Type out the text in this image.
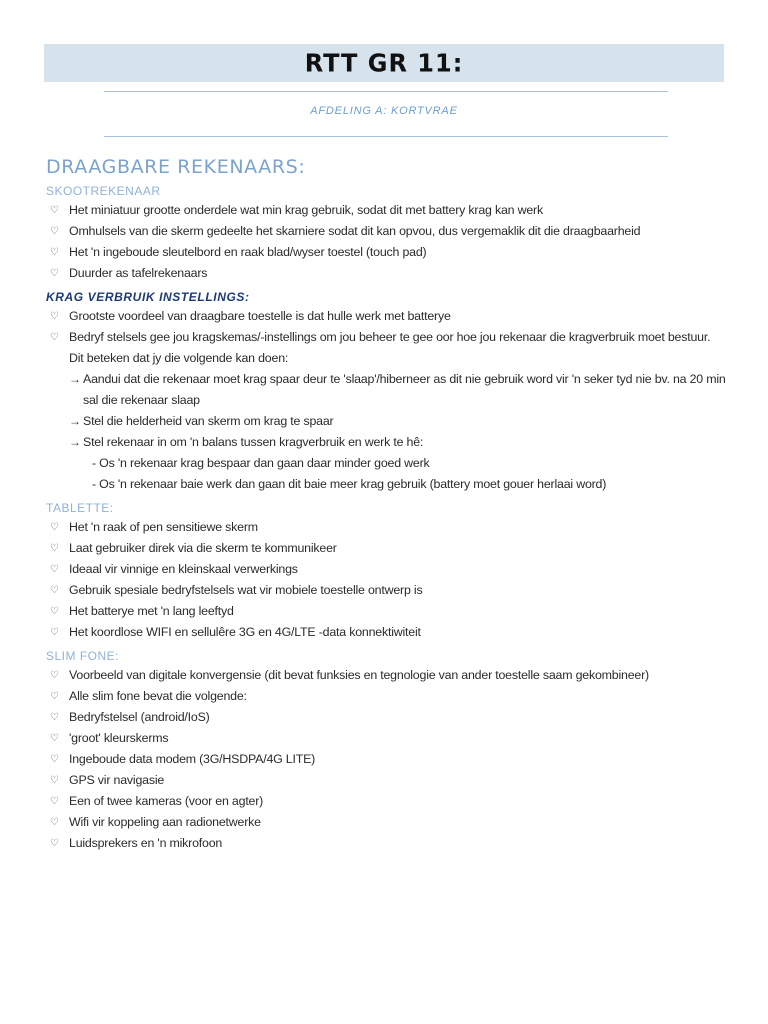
RTT GR 11:
AFDELING A: KORTVRAE
DRAAGBARE REKENAARS:
SKOOTREKENAAR
♡ Het miniatuur grootte onderdele wat min krag gebruik, sodat dit met battery krag kan werk
♡ Omhulsels van die skerm gedeelte het skarniere sodat dit kan opvou, dus vergemaklik dit die draagbaarheid
♡ Het 'n ingeboude sleutelbord en raak blad/wyser toestel (touch pad)
♡ Duurder as tafelrekenaars
KRAG VERBRUIK INSTELLINGS:
♡ Grootste voordeel van draagbare toestelle is dat hulle werk met batterye
♡ Bedryf stelsels gee jou kragskemas/-instellings om jou beheer te gee oor hoe jou rekenaar die kragverbruik moet bestuur. Dit beteken dat jy die volgende kan doen:
→ Aandui dat die rekenaar moet krag spaar deur te 'slaap'/hiberneer as dit nie gebruik word vir 'n seker tyd nie bv. na 20 min sal die rekenaar slaap
→ Stel die helderheid van skerm om krag te spaar
→ Stel rekenaar in om 'n balans tussen kragverbruik en werk te hê:
- Os 'n rekenaar krag bespaar dan gaan daar minder goed werk
- Os 'n rekenaar baie werk dan gaan dit baie meer krag gebruik (battery moet gouer herlaai word)
TABLETTE:
♡ Het 'n raak of pen sensitiewe skerm
♡ Laat gebruiker direk via die skerm te kommunikeer
♡ Ideaal vir vinnige en kleinskaal verwerkings
♡ Gebruik spesiale bedryfstelsels wat vir mobiele toestelle ontwerp is
♡ Het batterye met 'n lang leeftyd
♡ Het koordlose WIFI en sellulêre 3G en 4G/LTE -data konnektiwiteit
SLIM FONE:
♡ Voorbeeld van digitale konvergensie (dit bevat funksies en tegnologie van ander toestelle saam gekombineer)
♡ Alle slim fone bevat die volgende:
♡ Bedryfstelsel (android/IoS)
♡ 'groot' kleurskerms
♡ Ingeboude data modem (3G/HSDPA/4G LITE)
♡ GPS vir navigasie
♡ Een of twee kameras (voor en agter)
♡ Wifi vir koppeling aan radionetwerke
♡ Luidsprekers en 'n mikrofoon
